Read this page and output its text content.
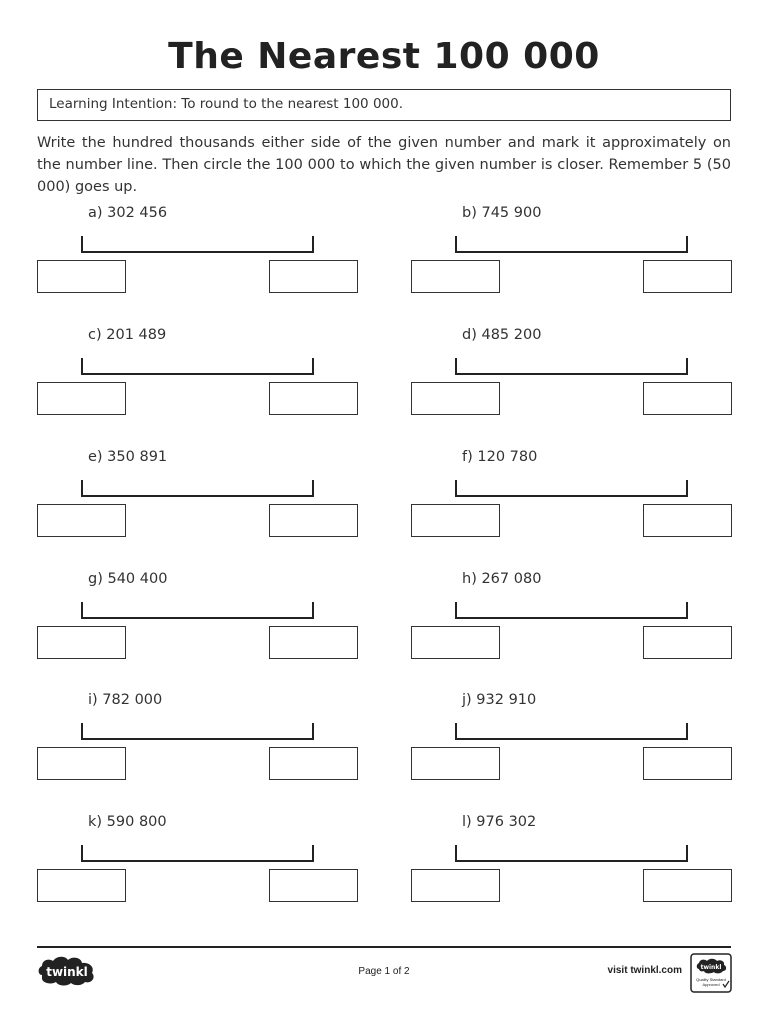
The Nearest 100 000
Learning Intention: To round to the nearest 100 000.
Write the hundred thousands either side of the given number and mark it approximately on the number line. Then circle the 100 000 to which the given number is closer. Remember 5 (50 000) goes up.
a) 302 456	b) 745 900
c) 201 489	d) 485 200
e) 350 891	f) 120 780
g) 540 400	h) 267 080
i) 782 000	j) 932 910
k) 590 800	l) 976 302
twinkl	Page 1 of 2	visit twinkl.com	twinkl
Quality Standard
Approved
